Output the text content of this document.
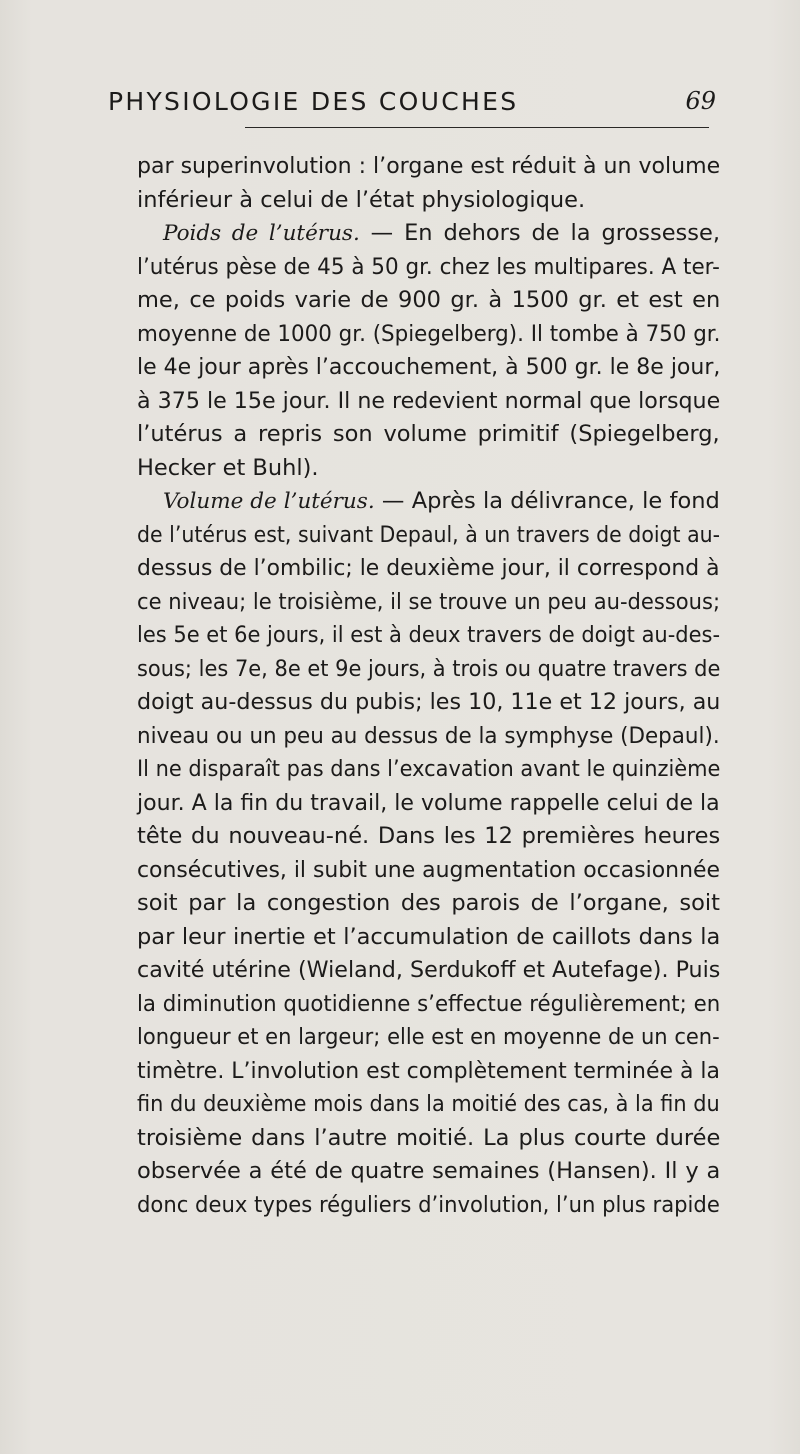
PHYSIOLOGIE DES COUCHES	69
par superinvolution : l’organe est réduit à un volume
inférieur à celui de l’état physiologique.
Poids de l’utérus. — En dehors de la grossesse,
l’utérus pèse de 45 à 50 gr. chez les multipares. A ter-
me, ce poids varie de 900 gr. à 1500 gr. et est en
moyenne de 1000 gr. (Spiegelberg). Il tombe à 750 gr.
le 4e jour après l’accouchement, à 500 gr. le 8e jour,
à 375 le 15e jour. Il ne redevient normal que lorsque
l’utérus a repris son volume primitif (Spiegelberg,
Hecker et Buhl).
Volume de l’utérus. — Après la délivrance, le fond
de l’utérus est, suivant Depaul, à un travers de doigt au-
dessus de l’ombilic; le deuxième jour, il correspond à
ce niveau; le troisième, il se trouve un peu au-dessous;
les 5e et 6e jours, il est à deux travers de doigt au-des-
sous; les 7e, 8e et 9e jours, à trois ou quatre travers de
doigt au-dessus du pubis; les 10, 11e et 12 jours, au
niveau ou un peu au dessus de la symphyse (Depaul).
Il ne disparaît pas dans l’excavation avant le quinzième
jour. A la fin du travail, le volume rappelle celui de la
tête du nouveau-né. Dans les 12 premières heures
consécutives, il subit une augmentation occasionnée
soit par la congestion des parois de l’organe, soit
par leur inertie et l’accumulation de caillots dans la
cavité utérine (Wieland, Serdukoff et Autefage). Puis
la diminution quotidienne s’effectue régulièrement; en
longueur et en largeur; elle est en moyenne de un cen-
timètre. L’involution est complètement terminée à la
fin du deuxième mois dans la moitié des cas, à la fin du
troisième dans l’autre moitié. La plus courte durée
observée a été de quatre semaines (Hansen). Il y a
donc deux types réguliers d’involution, l’un plus rapide
